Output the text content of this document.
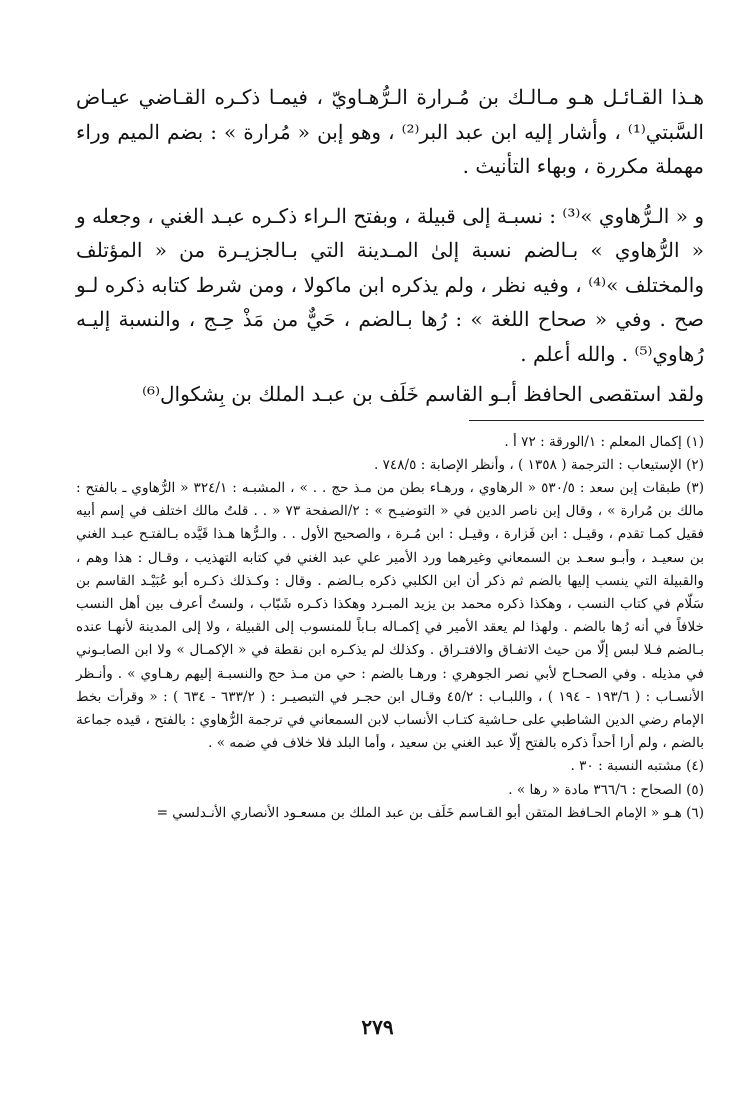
هـذا القـائـل هـو مـالـك بن مُـرارة الـرُّهـاويّ ، فيمـا ذكـره القـاضي عيـاض السَّبتي⁽¹⁾ ، وأشار إليه ابن عبد البر⁽²⁾ ، وهو إبن « مُرارة » : بضم الميم وراء مهملة مكررة ، وبهاء التأنيث .

و « الـرُّهاوي »⁽³⁾ : نسبـة إلى قبيلة ، وبفتح الـراء ذكـره عبـد الغني ، وجعله و « الرُّهاوي » بـالضم نسبة إلىٰ المـدينة التي بـالجزيـرة من « المؤتلف والمختلف »⁽⁴⁾ ، وفيه نظر ، ولم يذكره ابن ماكولا ، ومن شرط كتابه ذكره لـو صح . وفي « صحاح اللغة » : رُها بـالضم ، حَيٌّ من مَذْ حِـج ، والنسبة إليـه رُهاوي⁽⁵⁾ . والله أعلم .

ولقد استقصى الحافظ أبـو القاسم خَلَف بن عبـد الملك بن بِشكوال⁽⁶⁾

(١) إكمال المعلم : ١/الورقة : ٧٢ أ .

(٢) الإستيعاب : الترجمة ( ١٣٥٨ ) ، وأنظر الإصابة : ٧٤٨/٥ .

(٣) طبقات إبن سعد : ٥٣٠/٥ « الرهاوي ، ورهـاء بطن من مـذ حج . . » ، المشبـه : ٣٢٤/١ « الرُّهاوي ـ بالفتح : مالك بن مُرارة » ، وقال إبن ناصر الدين في « التوضيـح » : ٢/الصفحة ٧٣ « . . قلتُ مالك اختلف في إسم أبيه فقيل كمـا تقدم ، وقيـل : ابن فَزارة ، وقيـل : ابن مُـرة ، والصحيح الأول . . والـرُّها هـذا قَيَّده بـالفتـح عبـد الغني بن سعيـد ، وأبـو سعـد بن السمعاني وغيرهما ورد الأمير علي عبد الغني في كتابه التهذيب ، وقـال : هذا وهم ، والقبيلة التي ينسب إليها بالضم ثم ذكر أن ابن الكلبي ذكره بـالضم . وقال : وكـذلك ذكـره أبو عُبَيْـد القاسم بن سَلّام في كتاب النسب ، وهكذا ذكره محمد بن يزيد المبـرد وهكذا ذكـره شَبّاب ، ولستُ أعرف بين أهل النسب خلافاً في أنه رُها بالضم . ولهذا لم يعقد الأمير في إكمـاله بـاباً للمنسوب إلى القبيلة ، ولا إلى المدينة لأنهـا عنده بـالضم فـلا لبس إلّا من حيث الاتفـاق والافتـراق . وكذلك لم يذكـره ابن نقطة في « الإكمـال » ولا ابن الصابـوني في مذيله . وفي الصحـاح لأبي نصر الجوهري : ورهـا بالضم : حي من مـذ حج والنسبـة إليهم رهـاوي » . وأنـظر الأنسـاب : ( ١٩٣/٦ - ١٩٤ ) ، واللبـاب : ٤٥/٢ وقـال ابن حجـر في التبصيـر : ( ٦٣٣/٢ - ٦٣٤ ) : « وقرأت بخط الإمام رضي الدين الشاطبي على حـاشية كتـاب الأنساب لابن السمعاني في ترجمة الرُّهاوي : بالفتح ، قيده جماعة بالضم ، ولم أرا أحداً ذكره بالفتح إلّا عبد الغني بن سعيد ، وأما البلد فلا خلاف في ضمه » .

(٤) مشتبه النسبة : ٣٠ .

(٥) الصحاح : ٣٦٦/٦ مادة « رها » .

(٦) هـو « الإمام الحـافظ المتقن أبو القـاسم خَلَف بن عبد الملك بن مسعـود الأنصاري الأنـدلسي =

٢٧٩
